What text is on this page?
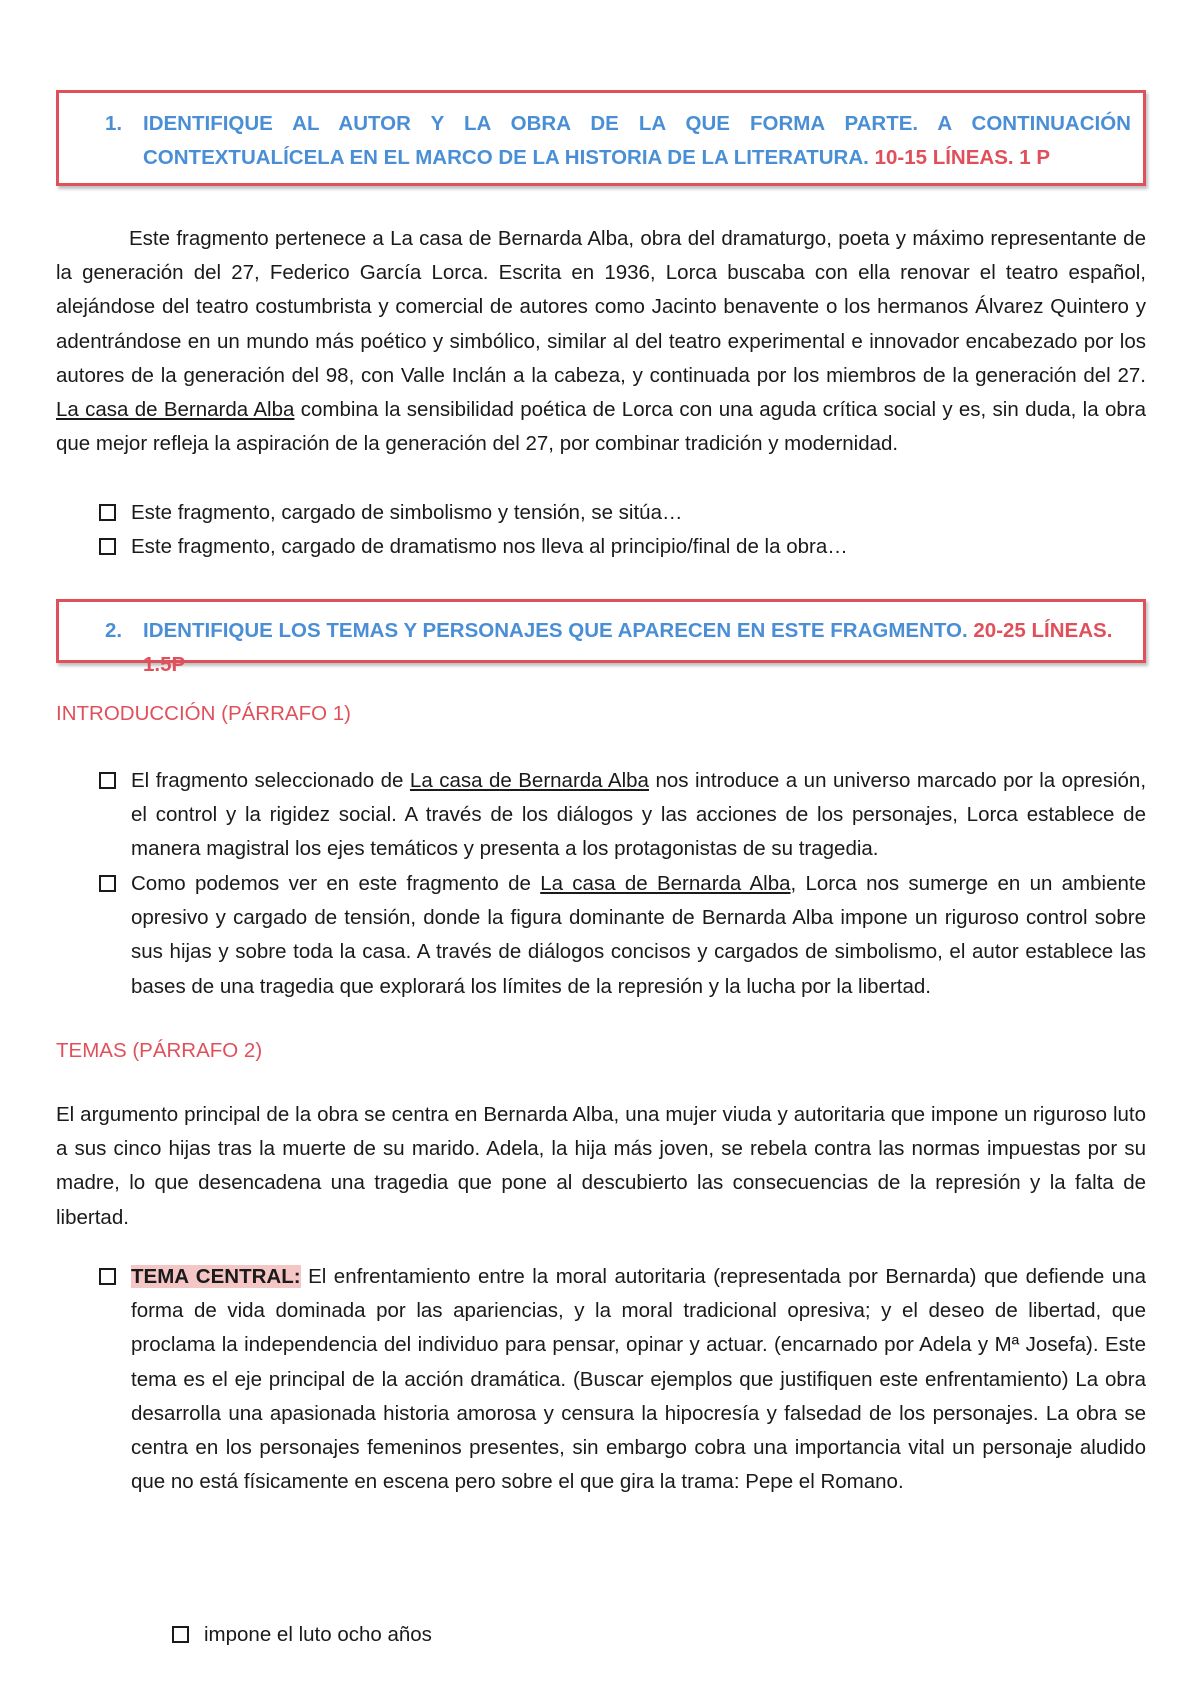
1. IDENTIFIQUE AL AUTOR Y LA OBRA DE LA QUE FORMA PARTE. A CONTINUACIÓN CONTEXTUALÍCELA EN EL MARCO DE LA HISTORIA DE LA LITERATURA. 10-15 LÍNEAS. 1 P
Este fragmento pertenece a La casa de Bernarda Alba, obra del dramaturgo, poeta y máximo representante de la generación del 27, Federico García Lorca. Escrita en 1936, Lorca buscaba con ella renovar el teatro español, alejándose del teatro costumbrista y comercial de autores como Jacinto benavente o los hermanos Álvarez Quintero y adentrándose en un mundo más poético y simbólico, similar al del teatro experimental e innovador encabezado por los autores de la generación del 98, con Valle Inclán a la cabeza, y continuada por los miembros de la generación del 27. La casa de Bernarda Alba combina la sensibilidad poética de Lorca con una aguda crítica social y es, sin duda, la obra que mejor refleja la aspiración de la generación del 27, por combinar tradición y modernidad.
Este fragmento, cargado de simbolismo y tensión, se sitúa…
Este fragmento, cargado de dramatismo nos lleva al principio/final de la obra…
2. IDENTIFIQUE LOS TEMAS Y PERSONAJES QUE APARECEN EN ESTE FRAGMENTO. 20-25 LÍNEAS. 1.5P
INTRODUCCIÓN (PÁRRAFO 1)
El fragmento seleccionado de La casa de Bernarda Alba nos introduce a un universo marcado por la opresión, el control y la rigidez social. A través de los diálogos y las acciones de los personajes, Lorca establece de manera magistral los ejes temáticos y presenta a los protagonistas de su tragedia.
Como podemos ver en este fragmento de La casa de Bernarda Alba, Lorca nos sumerge en un ambiente opresivo y cargado de tensión, donde la figura dominante de Bernarda Alba impone un riguroso control sobre sus hijas y sobre toda la casa. A través de diálogos concisos y cargados de simbolismo, el autor establece las bases de una tragedia que explorará los límites de la represión y la lucha por la libertad.
TEMAS (PÁRRAFO 2)
El argumento principal de la obra se centra en Bernarda Alba, una mujer viuda y autoritaria que impone un riguroso luto a sus cinco hijas tras la muerte de su marido. Adela, la hija más joven, se rebela contra las normas impuestas por su madre, lo que desencadena una tragedia que pone al descubierto las consecuencias de la represión y la falta de libertad.
TEMA CENTRAL: El enfrentamiento entre la moral autoritaria (representada por Bernarda) que defiende una forma de vida dominada por las apariencias, y la moral tradicional opresiva; y el deseo de libertad, que proclama la independencia del individuo para pensar, opinar y actuar. (encarnado por Adela y Mª Josefa). Este tema es el eje principal de la acción dramática. (Buscar ejemplos que justifiquen este enfrentamiento) La obra desarrolla una apasionada historia amorosa y censura la hipocresía y falsedad de los personajes. La obra se centra en los personajes femeninos presentes, sin embargo cobra una importancia vital un personaje aludido que no está físicamente en escena pero sobre el que gira la trama: Pepe el Romano.
impone el luto ocho años
